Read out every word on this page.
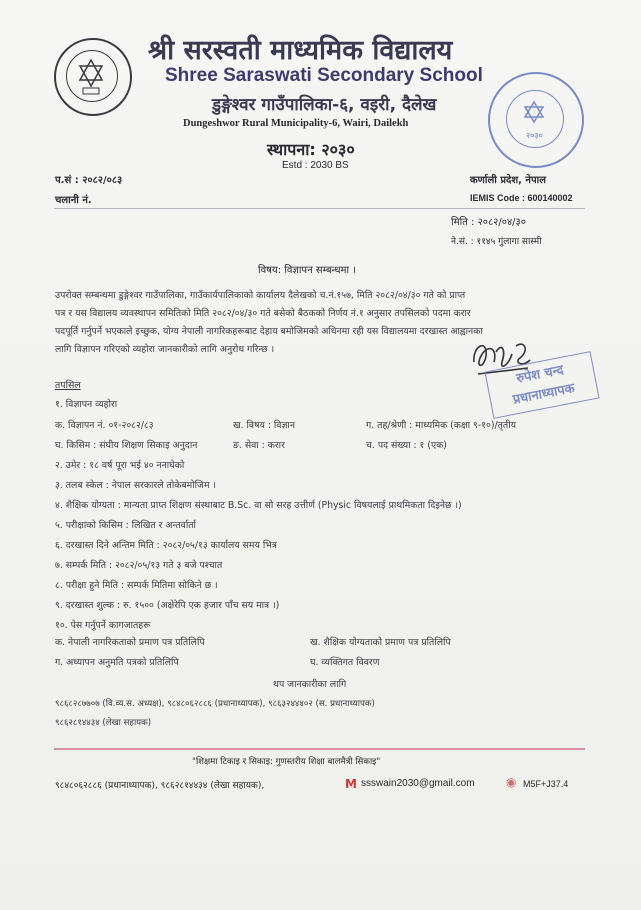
श्री सरस्वती माध्यमिक विद्यालय
Shree Saraswati Secondary School
डुङ्गेश्वर गाउँपालिका-६, वइरी, दैलेख
Dungeshwor Rural Municipality-6, Wairi, Dailekh
स्थापना: २०३०
Estd : 2030 BS
२०३०
प.सं : २०८२/०८३
चलानी नं.
कर्णाली प्रदेश, नेपाल
IEMIS Code : 600140002
मिति : २०८२/०४/३०
ने.सं. : ११४५ गुंलागा सास्मी
विषय: विज्ञापन सम्बन्धमा ।
उपरोक्त सम्बन्धमा डुङ्गेश्वर गाउँपालिका, गाउँकार्यपालिकाको कार्यालय दैलेखको च.नं.१५७, मिति २०८२/०४/३० गते को प्राप्त
पत्र र यस विद्यालय व्यवस्थापन समितिको मिति २०८२/०४/३० गते बसेको बैठकको निर्णय नं.१ अनुसार तपसिलको पदमा करार
पदपूर्ति गर्नुपर्ने भएकाले इच्छुक, योग्य नेपाली नागरिकहरूबाट देहाय बमोजिमको अधिनमा रही यस विद्यालयमा दरखास्त आह्वानका
लागि विज्ञापन गरिएको व्यहोरा जानकारीको लागि अनुरोध गरिन्छ ।
रुपेश चन्द
प्रधानाध्यापक
तपसिल
१. विज्ञापन व्यहोरा
क. विज्ञापन नं. ०१-२०८२/८३	ख. विषय : विज्ञान	ग. तह/श्रेणी : माध्यमिक (कक्षा ९-१०)/तृतीय
घ. किसिम : संघीय शिक्षण सिकाइ अनुदान	ङ. सेवा : करार	च. पद संख्या : १ (एक)
२. उमेर : १८ वर्ष पूरा भई ४० ननाघेको
३. तलब स्केल : नेपाल सरकारले तोकेबमोजिम ।
४. शैक्षिक योग्यता : मान्यता प्राप्त शिक्षण संस्थाबाट B.Sc. वा सो सरह उत्तीर्ण (Physic विषयलाई प्राथमिकता दिइनेछ ।)
५. परीक्षाको किसिम : लिखित र अन्तर्वार्ता
६. दरखास्त दिने अन्तिम मिति : २०८२/०५/१३ कार्यालय समय भित्र
७. सम्पर्क मिति : २०८२/०५/१३ गते ३ बजे पश्चात
८. परीक्षा हुने मिति : सम्पर्क मितिमा सोकिने छ ।
९. दरखास्त शुल्क : रु. १५०० (अक्षेरेपि एक हजार पाँच सय मात्र ।)
१०. पेस गर्नुपर्ने कागजातहरू
क. नेपाली नागरिकताको प्रमाण पत्र प्रतिलिपि	ख. शैक्षिक योग्यताको प्रमाण पत्र प्रतिलिपि
ग. अध्यापन अनुमति पत्रको प्रतिलिपि	घ. व्यक्तिगत विवरण
थप जानकारीका लागि
९८६८२८७७०७ (वि.व्य.स. अध्यक्ष), ९८४८०६२८८६ (प्रधानाध्यापक), ९८६३२४४४०२ (स. प्रधानाध्यापक)
९८६२८१४४३४ (लेखा सहायक)
"शिक्षमा टिकाइ र सिकाइ: गुणस्तरीय शिक्षा बालमैत्री सिकाइ"
९८४८०६२८८६ (प्रधानाध्यापक), ९८६२८१४४३४ (लेखा सहायक),	M ssswain2030@gmail.com	◉ M5F+J37.4
